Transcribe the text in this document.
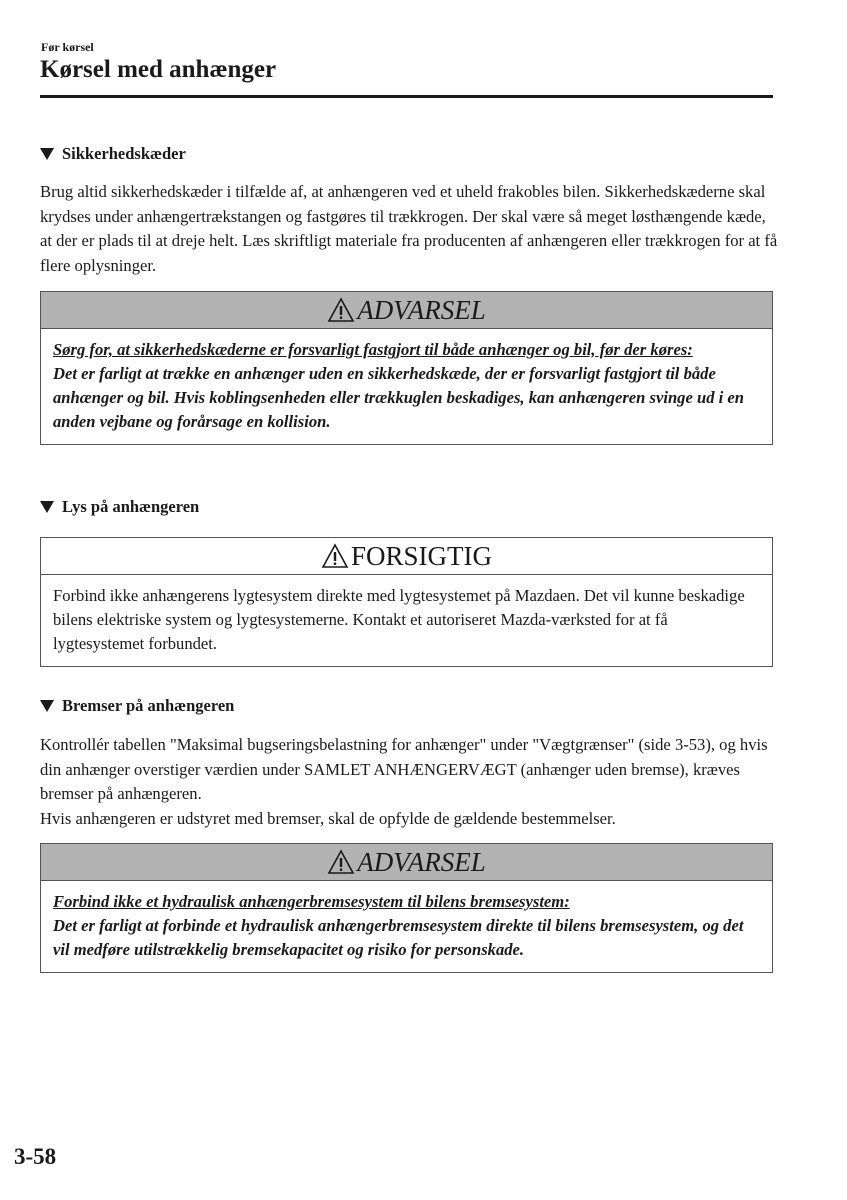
Før kørsel
Kørsel med anhænger
Sikkerhedskæder

Brug altid sikkerhedskæder i tilfælde af, at anhængeren ved et uheld frakobles bilen. Sikkerhedskæderne skal krydses under anhængertrækstangen og fastgøres til trækkrogen. Der skal være så meget løsthængende kæde, at der er plads til at dreje helt. Læs skriftligt materiale fra producenten af anhængeren eller trækkrogen for at få flere oplysninger.

ADVARSEL

Sørg for, at sikkerhedskæderne er forsvarligt fastgjort til både anhænger og bil, før der køres:

Det er farligt at trække en anhænger uden en sikkerhedskæde, der er forsvarligt fastgjort til både anhænger og bil. Hvis koblingsenheden eller trækkuglen beskadiges, kan anhængeren svinge ud i en anden vejbane og forårsage en kollision.

Lys på anhængeren
FORSIGTIG

Forbind ikke anhængerens lygtesystem direkte med lygtesystemet på Mazdaen. Det vil kunne beskadige bilens elektriske system og lygtesystemerne. Kontakt et autoriseret Mazda-værksted for at få lygtesystemet forbundet.

Bremser på anhængeren

Kontrollér tabellen "Maksimal bugseringsbelastning for anhænger" under "Vægtgrænser" (side 3-53), og hvis din anhænger overstiger værdien under SAMLET ANHÆNGERVÆGT (anhænger uden bremse), kræves bremser på anhængeren.

Hvis anhængeren er udstyret med bremser, skal de opfylde de gældende bestemmelser.

ADVARSEL

Forbind ikke et hydraulisk anhængerbremsesystem til bilens bremsesystem:

Det er farligt at forbinde et hydraulisk anhængerbremsesystem direkte til bilens bremsesystem, og det vil medføre utilstrækkelig bremsekapacitet og risiko for personskade.

3-58
